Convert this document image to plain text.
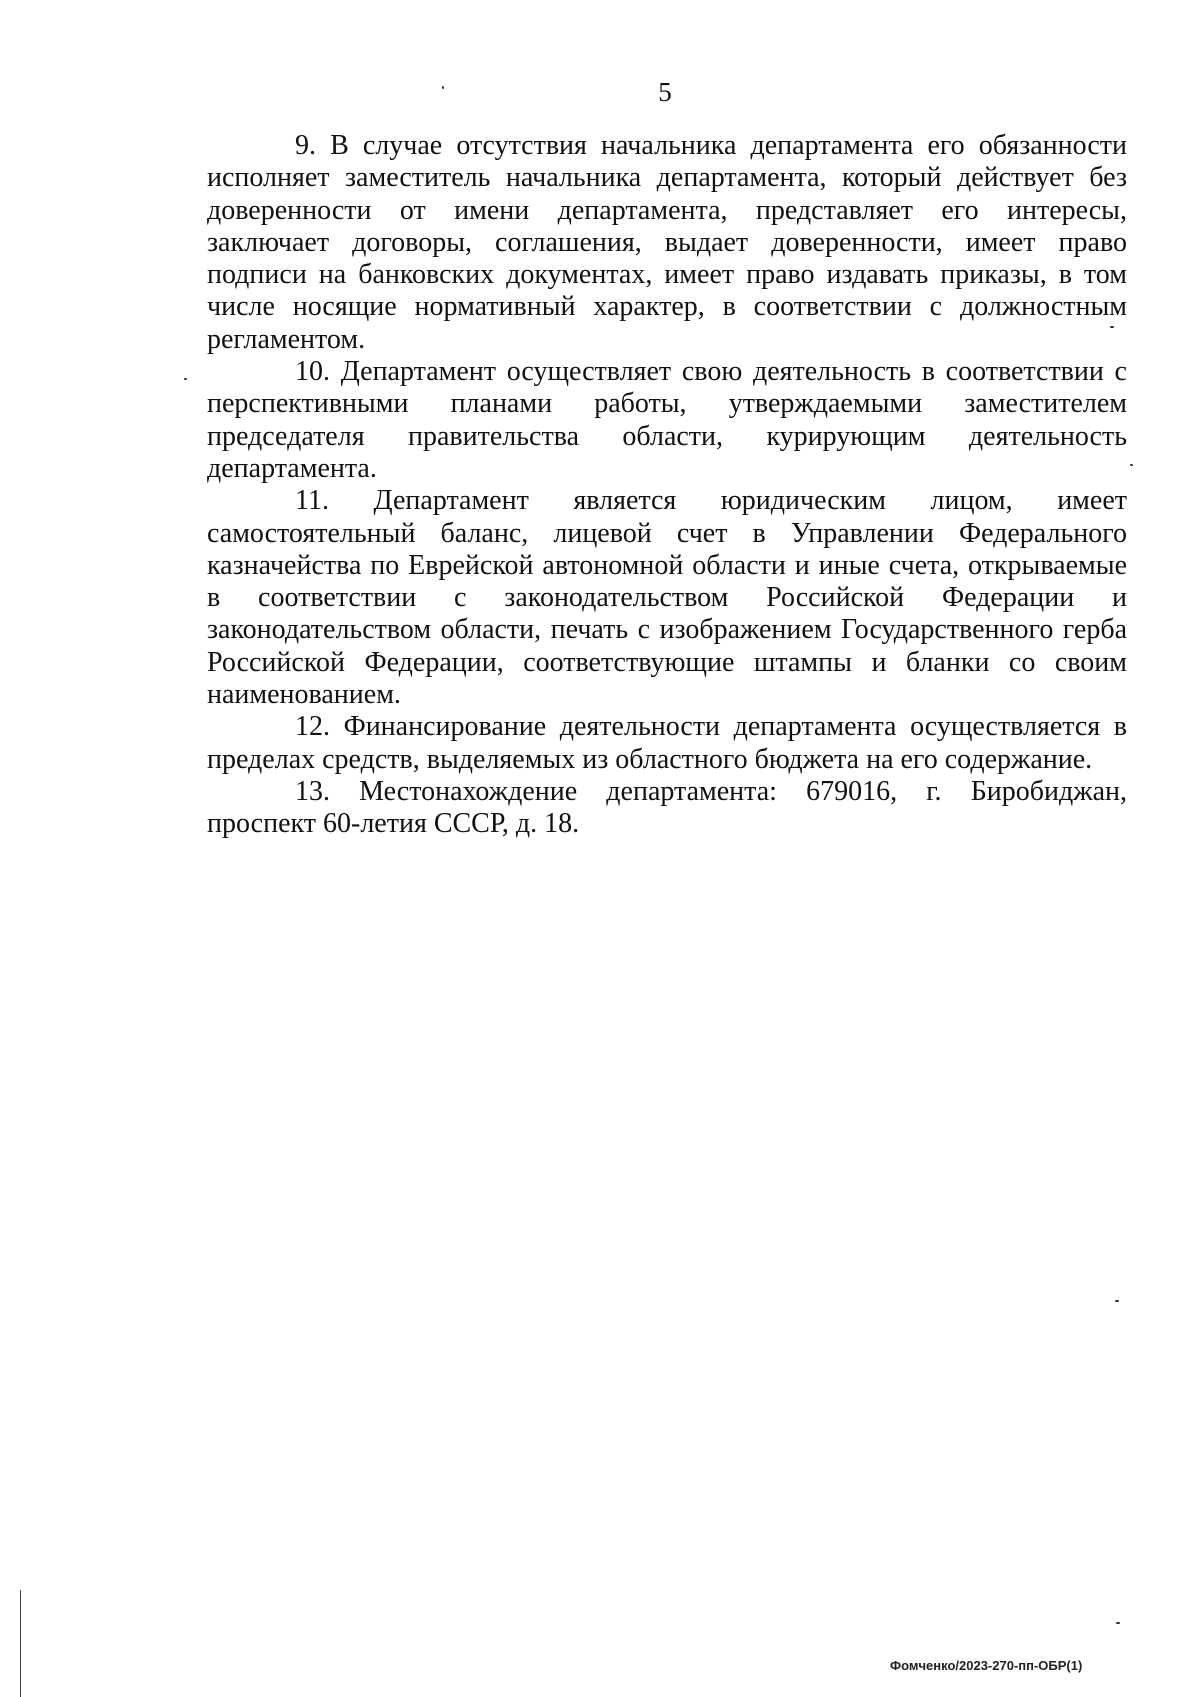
5

9. В случае отсутствия начальника департамента его обязанности исполняет заместитель начальника департамента, который действует без доверенности от имени департамента, представляет его интересы, заключает договоры, соглашения, выдает доверенности, имеет право подписи на банковских документах, имеет право издавать приказы, в том числе носящие нормативный характер, в соответствии с должностным регламентом.

10. Департамент осуществляет свою деятельность в соответствии с перспективными планами работы, утверждаемыми заместителем председателя правительства области, курирующим деятельность департамента.

11. Департамент является юридическим лицом, имеет самостоятельный баланс, лицевой счет в Управлении Федерального казначейства по Еврейской автономной области и иные счета, открываемые в соответствии с законодательством Российской Федерации и законодательством области, печать с изображением Государственного герба Российской Федерации, соответствующие штампы и бланки со своим наименованием.

12. Финансирование деятельности департамента осуществляется в пределах средств, выделяемых из областного бюджета на его содержание.

13. Местонахождение департамента: 679016, г. Биробиджан, проспект 60-летия СССР, д. 18.

Фомченко/2023-270-пп-ОБР(1)
